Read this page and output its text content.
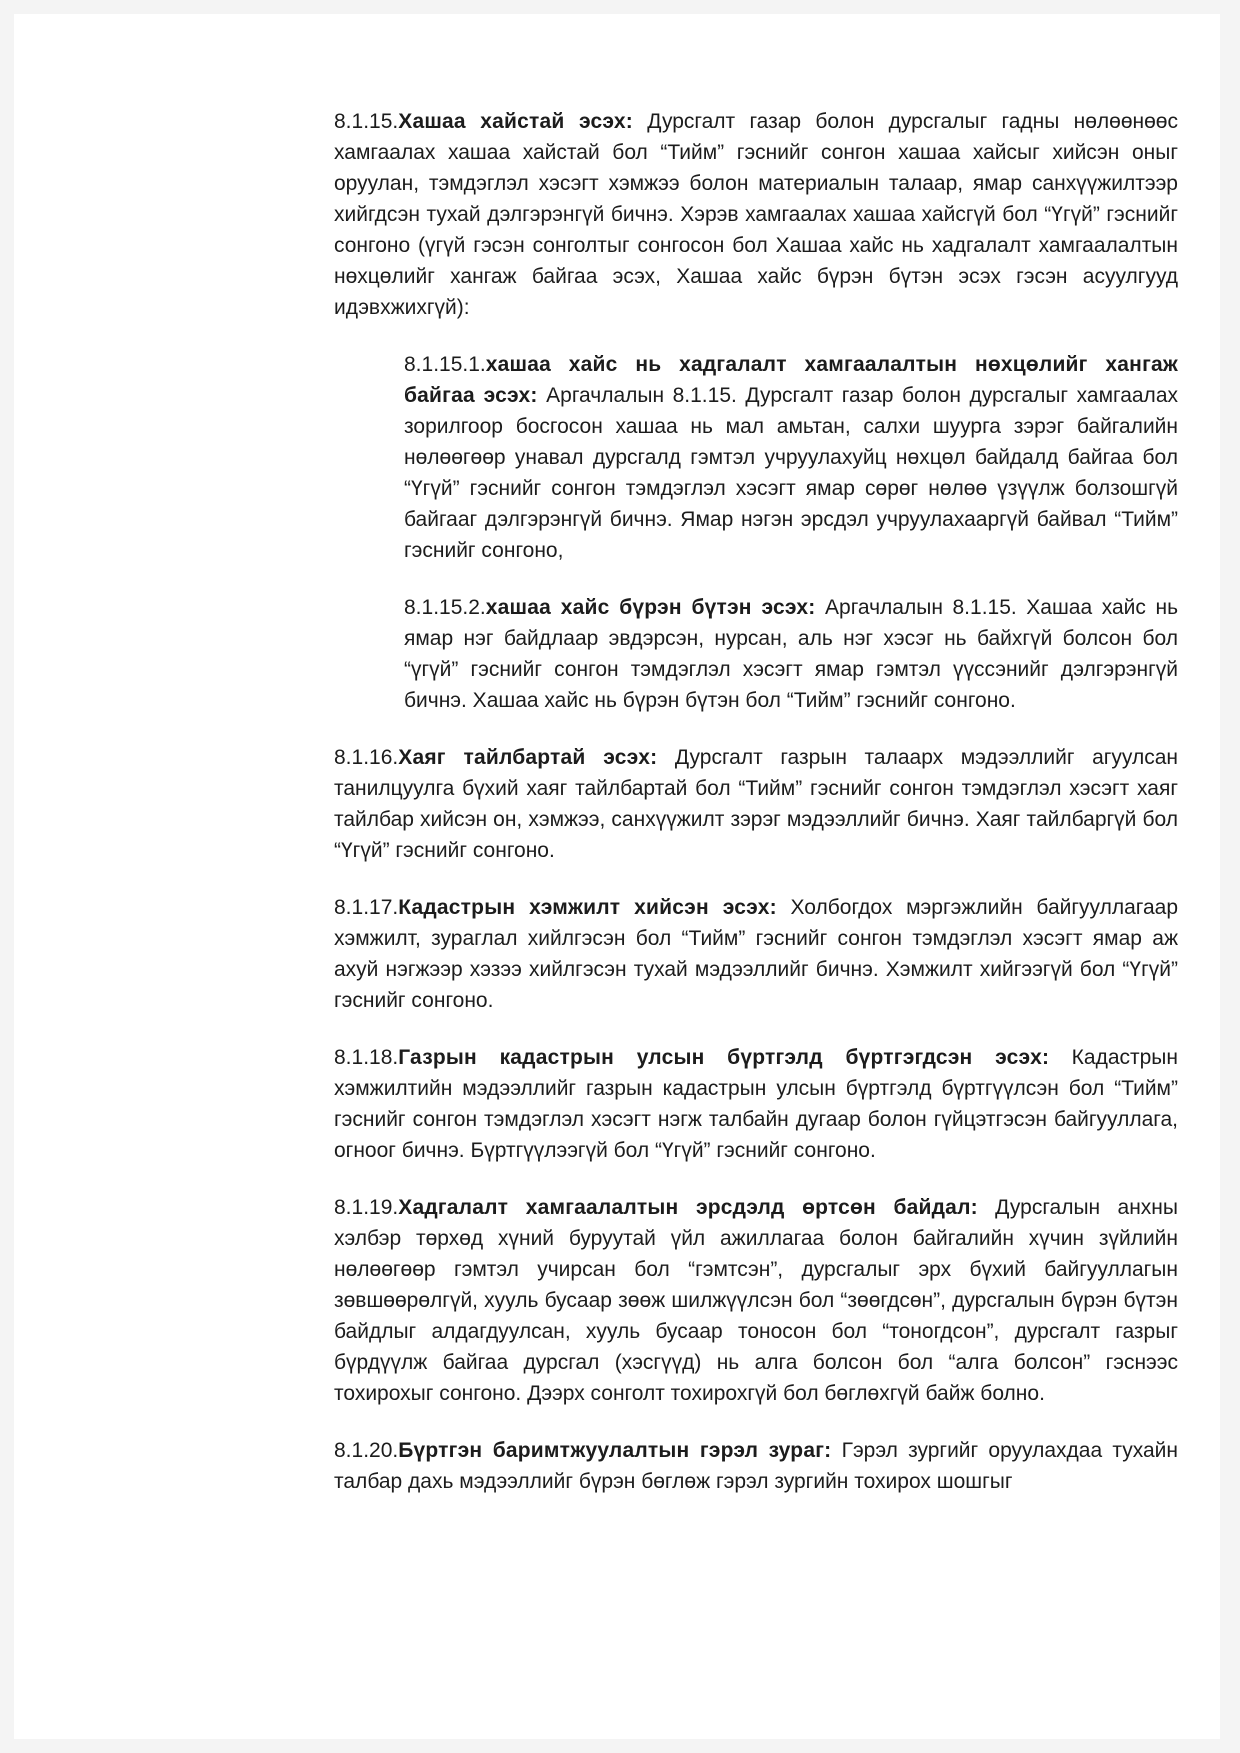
8.1.15.Хашаа хайстай эсэх: Дурсгалт газар болон дурсгалыг гадны нөлөөнөөс хамгаалах хашаа хайстай бол “Тийм” гэснийг сонгон хашаа хайсыг хийсэн оныг оруулан, тэмдэглэл хэсэгт хэмжээ болон материалын талаар, ямар санхүүжилтээр хийгдсэн тухай дэлгэрэнгүй бичнэ. Хэрэв хамгаалах хашаа хайсгүй бол “Үгүй” гэснийг сонгоно (үгүй гэсэн сонголтыг сонгосон бол Хашаа хайс нь хадгалалт хамгаалалтын нөхцөлийг хангаж байгаа эсэх, Хашаа хайс бүрэн бүтэн эсэх гэсэн асуулгууд идэвхжихгүй):

8.1.15.1.хашаа хайс нь хадгалалт хамгаалалтын нөхцөлийг хангаж байгаа эсэх: Аргачлалын 8.1.15. Дурсгалт газар болон дурсгалыг хамгаалах зорилгоор босгосон хашаа нь мал амьтан, салхи шуурга зэрэг байгалийн нөлөөгөөр унавал дурсгалд гэмтэл учруулахуйц нөхцөл байдалд байгаа бол “Үгүй” гэснийг сонгон тэмдэглэл хэсэгт ямар сөрөг нөлөө үзүүлж болзошгүй байгааг дэлгэрэнгүй бичнэ. Ямар нэгэн эрсдэл учруулахааргүй байвал “Тийм” гэснийг сонгоно,

8.1.15.2.хашаа хайс бүрэн бүтэн эсэх: Аргачлалын 8.1.15. Хашаа хайс нь ямар нэг байдлаар эвдэрсэн, нурсан, аль нэг хэсэг нь байхгүй болсон бол “үгүй” гэснийг сонгон тэмдэглэл хэсэгт ямар гэмтэл үүссэнийг дэлгэрэнгүй бичнэ. Хашаа хайс нь бүрэн бүтэн бол “Тийм” гэснийг сонгоно.

8.1.16.Хаяг тайлбартай эсэх: Дурсгалт газрын талаарх мэдээллийг агуулсан танилцуулга бүхий хаяг тайлбартай бол “Тийм” гэснийг сонгон тэмдэглэл хэсэгт хаяг тайлбар хийсэн он, хэмжээ, санхүүжилт зэрэг мэдээллийг бичнэ. Хаяг тайлбаргүй бол “Үгүй” гэснийг сонгоно.

8.1.17.Кадастрын хэмжилт хийсэн эсэх: Холбогдох мэргэжлийн байгууллагаар хэмжилт, зураглал хийлгэсэн бол “Тийм” гэснийг сонгон тэмдэглэл хэсэгт ямар аж ахуй нэгжээр хэзээ хийлгэсэн тухай мэдээллийг бичнэ. Хэмжилт хийгээгүй бол “Үгүй” гэснийг сонгоно.

8.1.18.Газрын кадастрын улсын бүртгэлд бүртгэгдсэн эсэх: Кадастрын хэмжилтийн мэдээллийг газрын кадастрын улсын бүртгэлд бүртгүүлсэн бол “Тийм” гэснийг сонгон тэмдэглэл хэсэгт нэгж талбайн дугаар болон гүйцэтгэсэн байгууллага, огноог бичнэ. Бүртгүүлээгүй бол “Үгүй” гэснийг сонгоно.

8.1.19.Хадгалалт хамгаалалтын эрсдэлд өртсөн байдал: Дурсгалын анхны хэлбэр төрхөд хүний буруутай үйл ажиллагаа болон байгалийн хүчин зүйлийн нөлөөгөөр гэмтэл учирсан бол “гэмтсэн”, дурсгалыг эрх бүхий байгууллагын зөвшөөрөлгүй, хууль бусаар зөөж шилжүүлсэн бол “зөөгдсөн”, дурсгалын бүрэн бүтэн байдлыг алдагдуулсан, хууль бусаар тоносон бол “тоногдсон”, дурсгалт газрыг бүрдүүлж байгаа дурсгал (хэсгүүд) нь алга болсон бол “алга болсон” гэснээс тохирохыг сонгоно. Дээрх сонголт тохирохгүй бол бөглөхгүй байж болно.

8.1.20.Бүртгэн баримтжуулалтын гэрэл зураг: Гэрэл зургийг оруулахдаа тухайн талбар дахь мэдээллийг бүрэн бөглөж гэрэл зургийн тохирох шошгыг
